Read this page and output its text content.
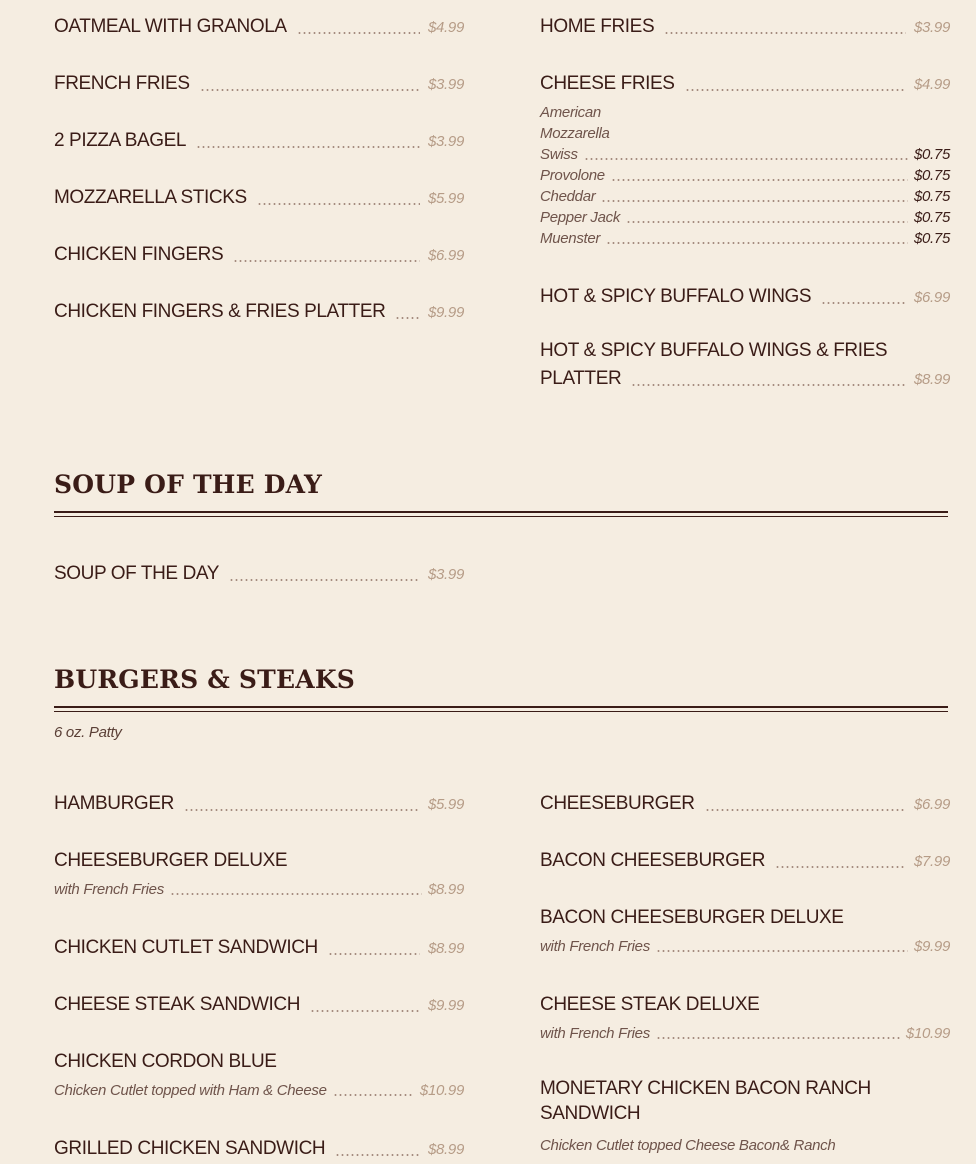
OATMEAL WITH GRANOLA	$4.99
FRENCH FRIES	$3.99
2 PIZZA BAGEL	$3.99
MOZZARELLA STICKS	$5.99
CHICKEN FINGERS	$6.99
CHICKEN FINGERS & FRIES PLATTER	$9.99
HOME FRIES	$3.99
CHEESE FRIES	$4.99
American
Mozzarella
Swiss	$0.75
Provolone	$0.75
Cheddar	$0.75
Pepper Jack	$0.75
Muenster	$0.75
HOT & SPICY BUFFALO WINGS	$6.99
HOT & SPICY BUFFALO WINGS & FRIES
PLATTER	$8.99
SOUP OF THE DAY
SOUP OF THE DAY	$3.99
BURGERS & STEAKS
6 oz. Patty
HAMBURGER	$5.99
CHEESEBURGER DELUXE
with French Fries	$8.99
CHICKEN CUTLET SANDWICH	$8.99
CHEESE STEAK SANDWICH	$9.99
CHICKEN CORDON BLUE
Chicken Cutlet topped with Ham & Cheese	$10.99
GRILLED CHICKEN SANDWICH	$8.99
CHEESEBURGER	$6.99
BACON CHEESEBURGER	$7.99
BACON CHEESEBURGER DELUXE
with French Fries	$9.99
CHEESE STEAK DELUXE
with French Fries	$10.99
MONETARY CHICKEN BACON RANCH
SANDWICH
Chicken Cutlet topped Cheese Bacon& Ranch
